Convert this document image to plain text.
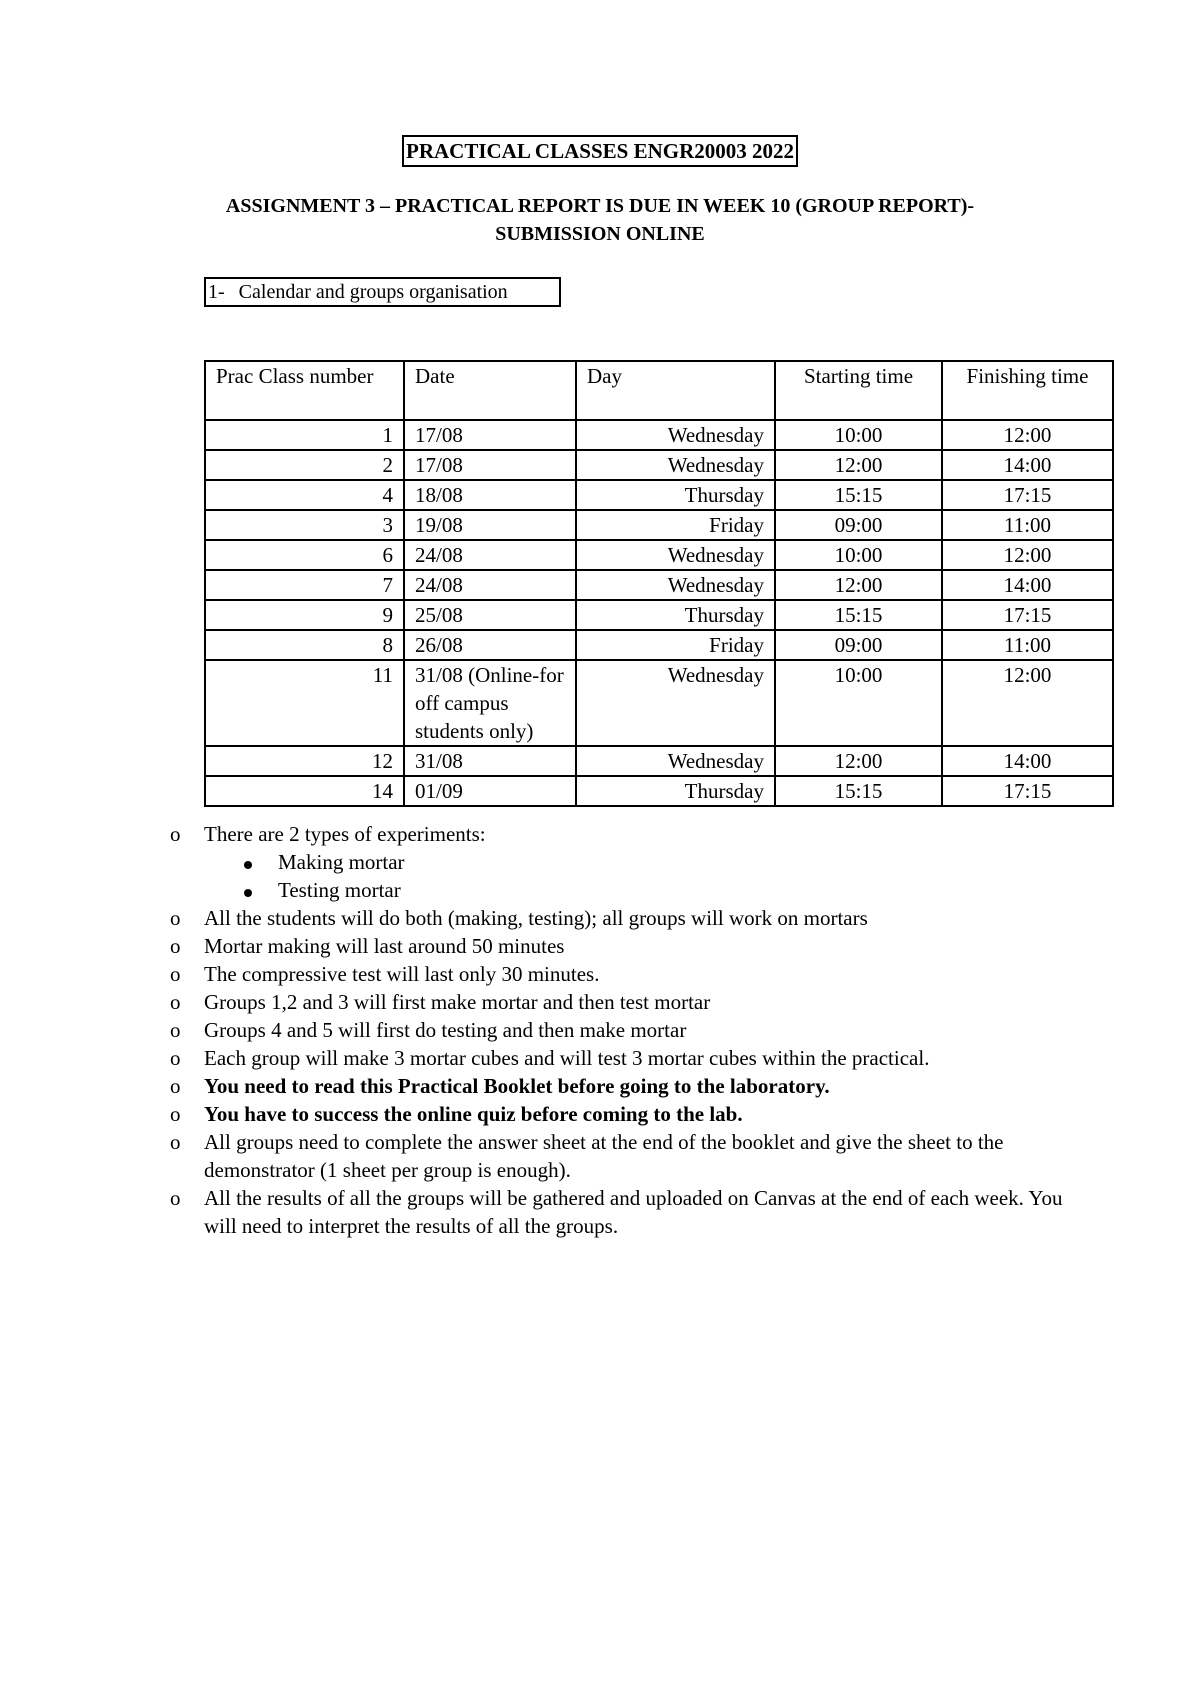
PRACTICAL CLASSES ENGR20003 2022
ASSIGNMENT 3 – PRACTICAL REPORT IS DUE IN WEEK 10 (GROUP REPORT)-
SUBMISSION ONLINE
1- Calendar and groups organisation
Prac Class number	Date	Day	Starting time	Finishing time
1	17/08	Wednesday	10:00	12:00
2	17/08	Wednesday	12:00	14:00
4	18/08	Thursday	15:15	17:15
3	19/08	Friday	09:00	11:00
6	24/08	Wednesday	10:00	12:00
7	24/08	Wednesday	12:00	14:00
9	25/08	Thursday	15:15	17:15
8	26/08	Friday	09:00	11:00
11	31/08 (Online-for off campus students only)	Wednesday	10:00	12:00
12	31/08	Wednesday	12:00	14:00
14	01/09	Thursday	15:15	17:15
o	There are 2 types of experiments:
Making mortar
Testing mortar
o	All the students will do both (making, testing); all groups will work on mortars
o	Mortar making will last around 50 minutes
o	The compressive test will last only 30 minutes.
o	Groups 1,2 and 3 will first make mortar and then test mortar
o	Groups 4 and 5 will first do testing and then make mortar
o	Each group will make 3 mortar cubes and will test 3 mortar cubes within the practical.
o	You need to read this Practical Booklet before going to the laboratory.
o	You have to success the online quiz before coming to the lab.
o	All groups need to complete the answer sheet at the end of the booklet and give the sheet to the demonstrator (1 sheet per group is enough).
o	All the results of all the groups will be gathered and uploaded on Canvas at the end of each week. You will need to interpret the results of all the groups.
